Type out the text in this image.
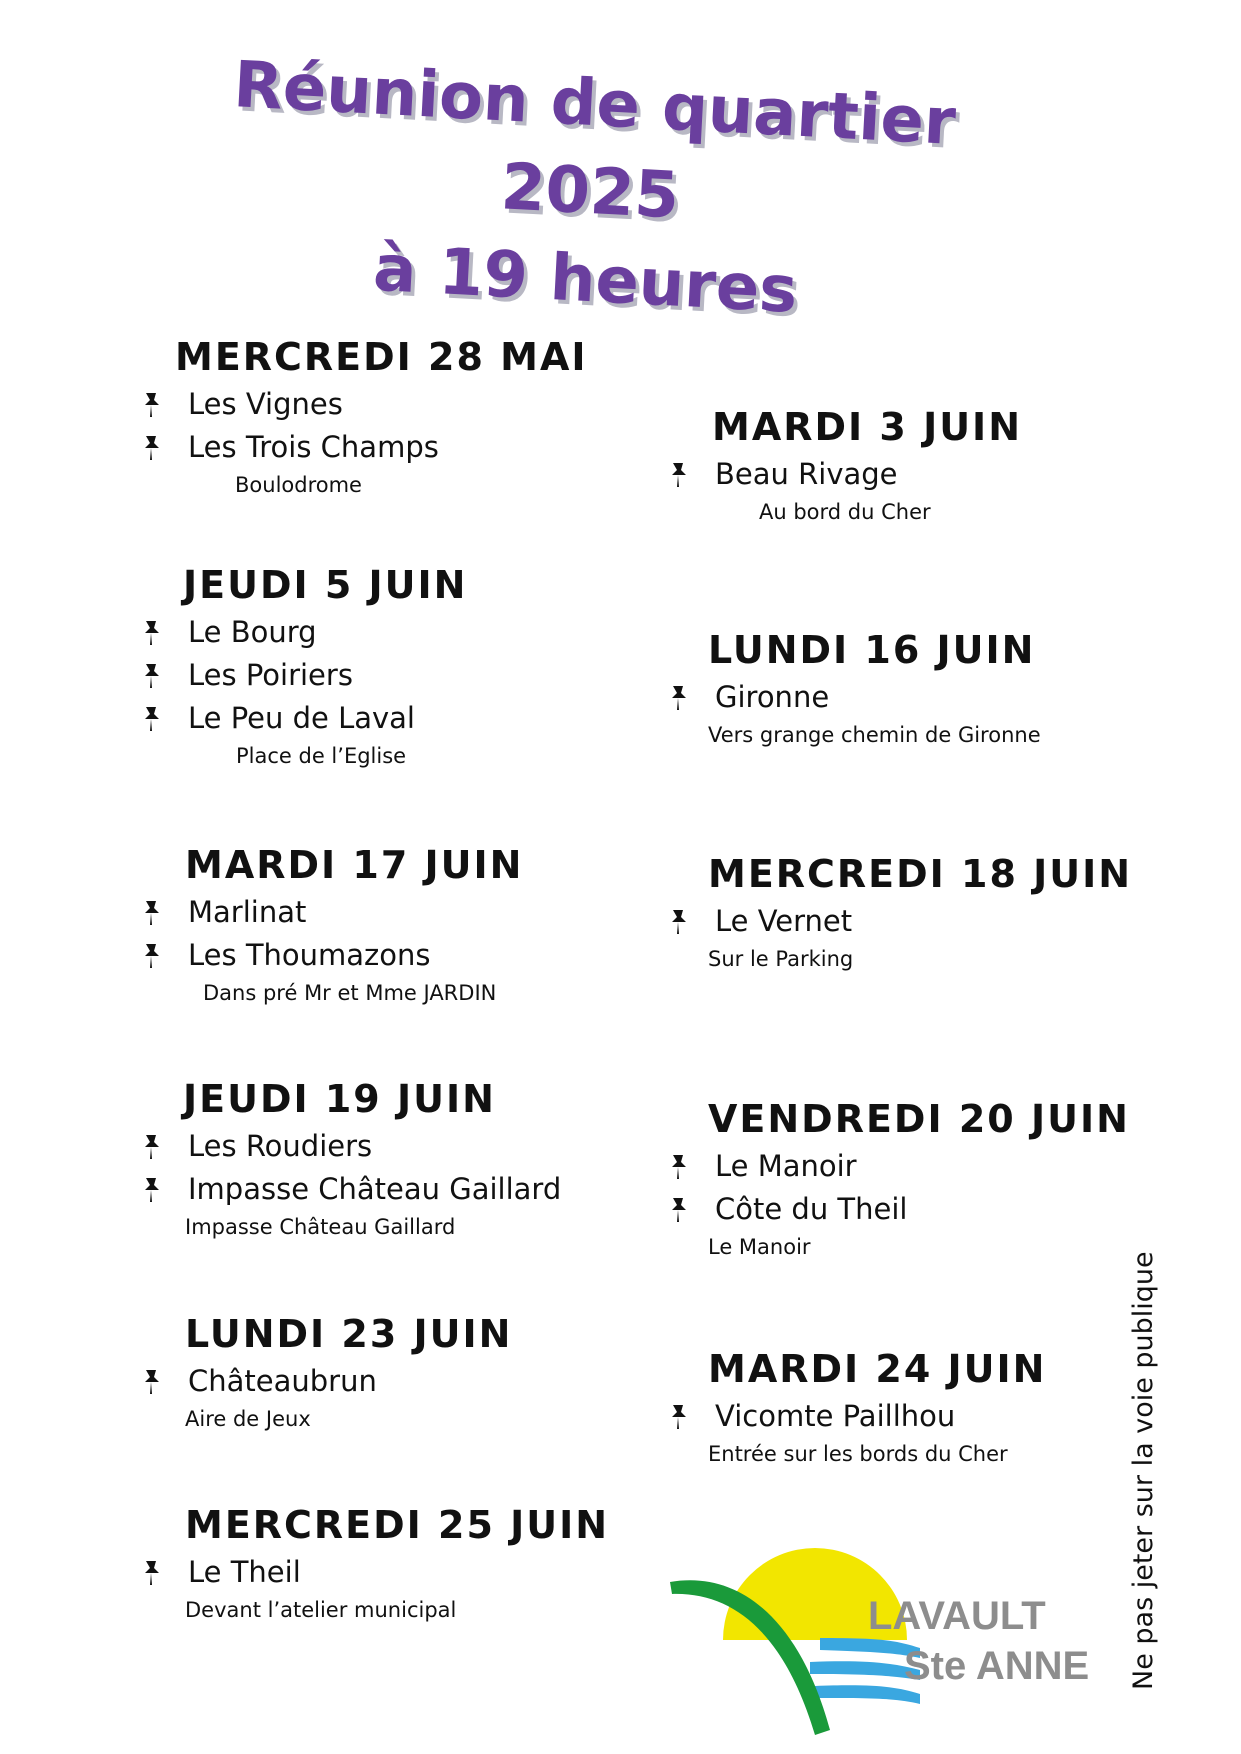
Réunion de quartier 2025
à 19 heures
MERCREDI 28 MAI
Les Vignes
Les Trois Champs
Boulodrome
JEUDI 5 JUIN
Le Bourg
Les Poiriers
Le Peu de Laval
Place de l’Eglise
MARDI 17 JUIN
Marlinat
Les Thoumazons
Dans pré Mr et Mme JARDIN
JEUDI 19 JUIN
Les Roudiers
Impasse Château Gaillard
Impasse Château Gaillard
LUNDI 23 JUIN
Châteaubrun
Aire de Jeux
MERCREDI 25 JUIN
Le Theil
Devant l’atelier municipal
MARDI 3 JUIN
Beau Rivage
Au bord du Cher
LUNDI 16 JUIN
Gironne
Vers grange chemin de Gironne
MERCREDI 18 JUIN
Le Vernet
Sur le Parking
VENDREDI 20 JUIN
Le Manoir
Côte du Theil
Le Manoir
MARDI 24 JUIN
Vicomte Paillhou
Entrée sur les bords du Cher	Ne pas jeter sur la voie publique
LAVAULT
Ste ANNE
